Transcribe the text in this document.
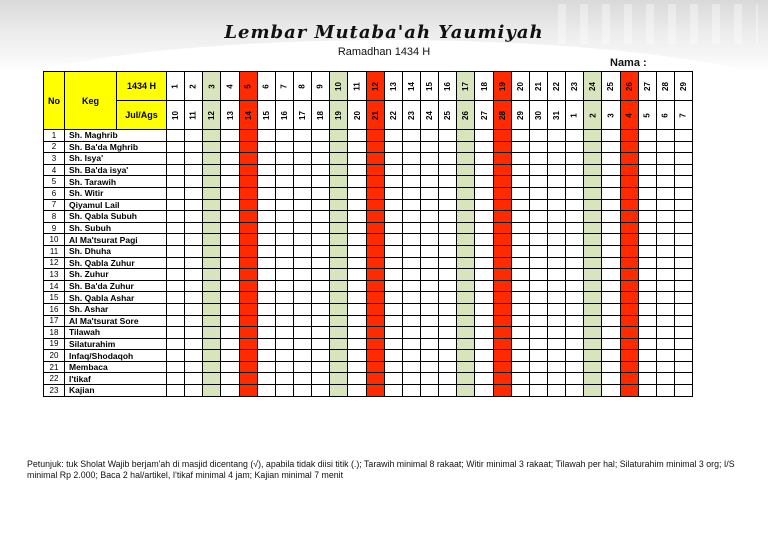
Lembar Mutaba'ah Yaumiyah
Ramadhan 1434 H
Nama :
No	Keg	1434 H	1	2	3	4	5	6	7	8	9	10	11	12	13	14	15	16	17	18	19	20	21	22	23	24	25	26	27	28	29
		Jul/Ags	10	11	12	13	14	15	16	17	18	19	20	21	22	23	24	25	26	27	28	29	30	31	1	2	3	4	5	6	7
1	Sh. Maghrib																														
2	Sh. Ba'da Mghrib																														
3	Sh. Isya'																														
4	Sh. Ba'da isya'																														
5	Sh. Tarawih																														
6	Sh. Witir																														
7	Qiyamul Lail																														
8	Sh. Qabla Subuh																														
9	Sh. Subuh																														
10	Al Ma'tsurat Pagi																														
11	Sh. Dhuha																														
12	Sh. Qabla Zuhur																														
13	Sh. Zuhur																														
14	Sh. Ba'da Zuhur																														
15	Sh. Qabla Ashar																														
16	Sh. Ashar																														
17	Al Ma'tsurat Sore																														
18	Tilawah																														
19	Silaturahim																														
20	Infaq/Shodaqoh																														
21	Membaca																														
22	I'tikaf																														
23	Kajian																														
Petunjuk: tuk Sholat Wajib berjam'ah di masjid dicentang (√), apabila tidak diisi titik (.); Tarawih minimal 8 rakaat; Witir minimal 3 rakaat; Tilawah per hal; Silaturahim minimal 3 org; I/S minimal Rp 2.000; Baca 2 hal/artikel, I'tikaf minimal 4 jam; Kajian minimal 7 menit
